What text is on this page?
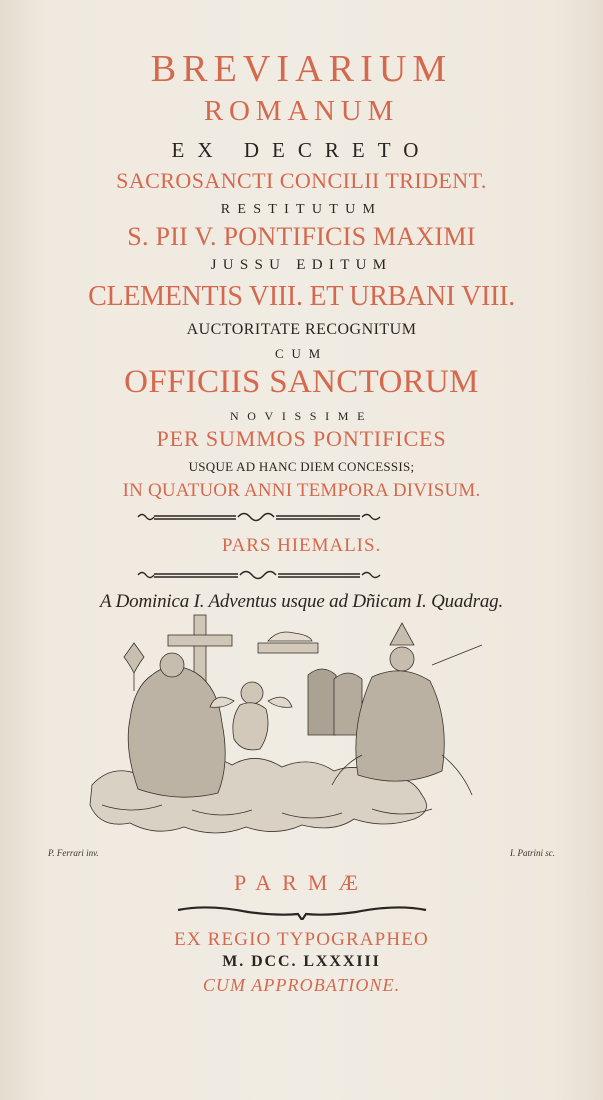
BREVIARIUM
ROMANUM
EX DECRETO
SACROSANCTI CONCILII TRIDENT.
RESTITUTUM
S. PII V. PONTIFICIS MAXIMI
JUSSU EDITUM
CLEMENTIS VIII. ET URBANI VIII.
AUCTORITATE RECOGNITUM
CUM
OFFICIIS SANCTORUM
NOVISSIME
PER SUMMOS PONTIFICES
USQUE AD HANC DIEM CONCESSIS;
IN QUATUOR ANNI TEMPORA DIVISUM.
PARS HIEMALIS.
A Dominica I. Adventus usque ad Dñicam I. Quadrag.
P. Ferrari inv.	I. Patrini sc.
PARMÆ
EX REGIO TYPOGRAPHEO
M. DCC. LXXXIII
CUM APPROBATIONE.
